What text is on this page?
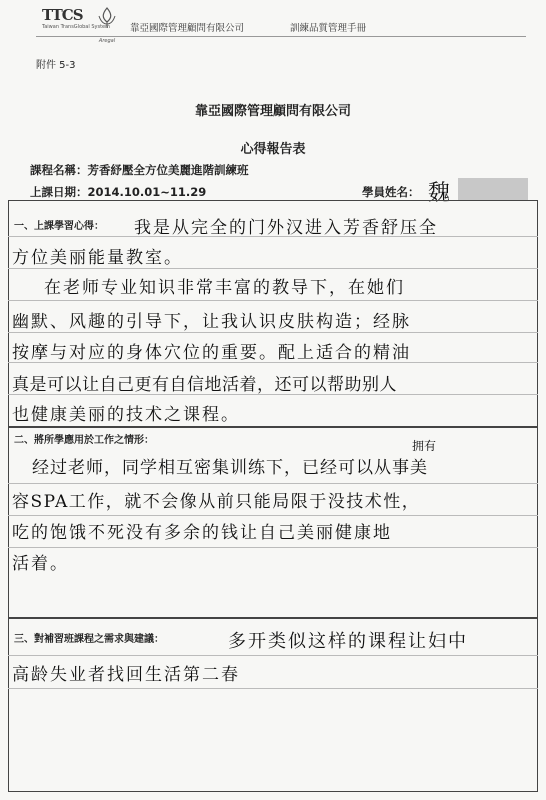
TTCS
Taiwan TransGlobal System
Aregal
靠亞國際管理顧問有限公司	訓練品質管理手冊
附件 5-3
靠亞國際管理顧問有限公司
心得報告表
課程名稱：芳香紓壓全方位美麗進階訓練班
上課日期：2014.10.01~11.29	學員姓名： 魏
一、上課學習心得： 我是从完全的门外汉进入芳香舒压全
方位美丽能量教室。
在老师专业知识非常丰富的教导下，在她们
幽默、风趣的引导下，让我认识皮肤构造；经脉
按摩与对应的身体穴位的重要。配上适合的精油
真是可以让自己更有自信地活着，还可以帮助别人
也健康美丽的技术之课程。
二、將所學應用於工作之情形：	拥有
经过老师，同学相互密集训练下，已经可以从事美
容SPA工作，就不会像从前只能局限于没技术性，
吃的饱饿不死没有多余的钱让自己美丽健康地
活着。
三、對補習班課程之需求與建議：	多开类似这样的课程让妇中
高龄失业者找回生活第二春
